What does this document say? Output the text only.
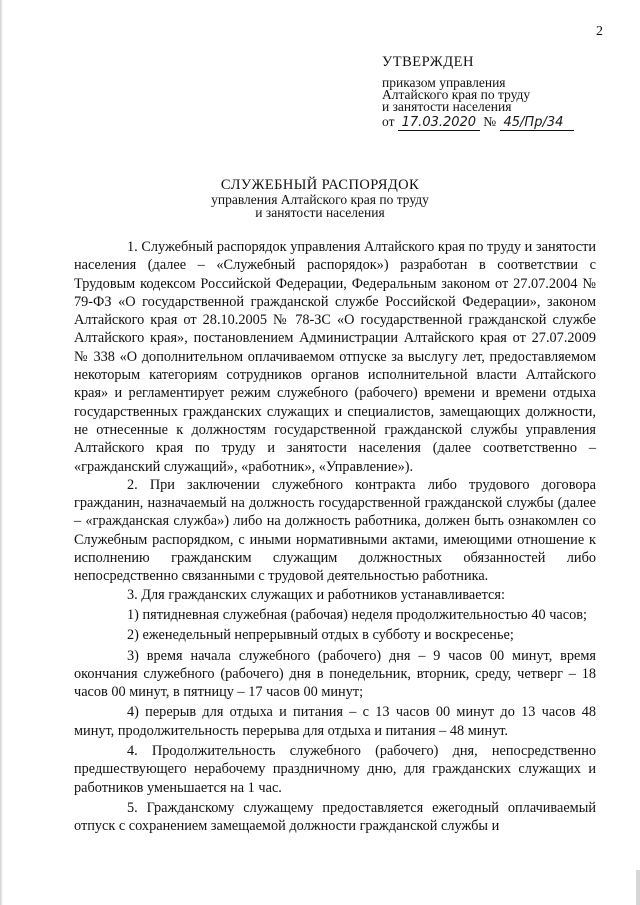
2
УТВЕРЖДЕН
приказом управления
Алтайского края по труду
и занятости населения
от 17.03.2020 № 45/Пр/34
СЛУЖЕБНЫЙ РАСПОРЯДОК
управления Алтайского края по труду
и занятости населения

1. Служебный распорядок управления Алтайского края по труду и занятости населения (далее – «Служебный распорядок») разработан в соответствии с Трудовым кодексом Российской Федерации, Федеральным законом от 27.07.2004 № 79-ФЗ «О государственной гражданской службе Российской Федерации», законом Алтайского края от 28.10.2005 № 78-ЗС «О государственной гражданской службе Алтайского края», постановлением Администрации Алтайского края от 27.07.2009 № 338 «О дополнительном оплачиваемом отпуске за выслугу лет, предоставляемом некоторым категориям сотрудников органов исполнительной власти Алтайского края» и регламентирует режим служебного (рабочего) времени и времени отдыха государственных гражданских служащих и специалистов, замещающих должности, не отнесенные к должностям государственной гражданской службы управления Алтайского края по труду и занятости населения (далее соответственно – «гражданский служащий», «работник», «Управление»).

2. При заключении служебного контракта либо трудового договора гражданин, назначаемый на должность государственной гражданской службы (далее – «гражданская служба») либо на должность работника, должен быть ознакомлен со Служебным распорядком, с иными нормативными актами, имеющими отношение к исполнению гражданским служащим должностных обязанностей либо непосредственно связанными с трудовой деятельностью работника.

3. Для гражданских служащих и работников устанавливается:

1) пятидневная служебная (рабочая) неделя продолжительностью 40 часов;

2) еженедельный непрерывный отдых в субботу и воскресенье;

3) время начала служебного (рабочего) дня – 9 часов 00 минут, время окончания служебного (рабочего) дня в понедельник, вторник, среду, четверг – 18 часов 00 минут, в пятницу – 17 часов 00 минут;

4) перерыв для отдыха и питания – с 13 часов 00 минут до 13 часов 48 минут, продолжительность перерыва для отдыха и питания – 48 минут.

4. Продолжительность служебного (рабочего) дня, непосредственно предшествующего нерабочему праздничному дню, для гражданских служащих и работников уменьшается на 1 час.

5. Гражданскому служащему предоставляется ежегодный оплачиваемый отпуск с сохранением замещаемой должности гражданской службы и
